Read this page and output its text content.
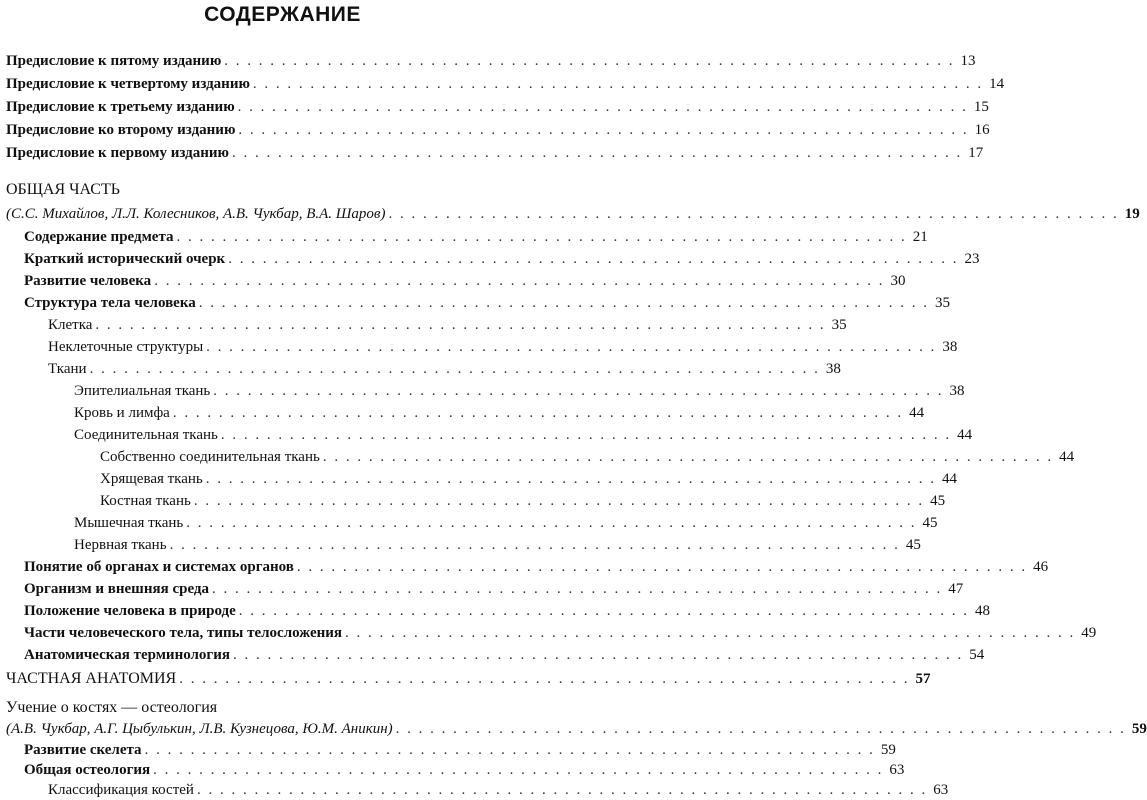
СОДЕРЖАНИЕ
Предисловие к пятому изданию . . . . . . . . . . . . . . . . . . . . . . . . . . . . . . . . . . . . . . . . . . . . . . . . . . . . . . . . . . . . . . . . 13
Предисловие к четвертому изданию . . . . . . . . . . . . . . . . . . . . . . . . . . . . . . . . . . . . . . . . . . . . . . . . . . . . . . . . . . . . . . . . 14
Предисловие к третьему изданию . . . . . . . . . . . . . . . . . . . . . . . . . . . . . . . . . . . . . . . . . . . . . . . . . . . . . . . . . . . . . . . . 15
Предисловие ко второму изданию . . . . . . . . . . . . . . . . . . . . . . . . . . . . . . . . . . . . . . . . . . . . . . . . . . . . . . . . . . . . . . . . 16
Предисловие к первому изданию . . . . . . . . . . . . . . . . . . . . . . . . . . . . . . . . . . . . . . . . . . . . . . . . . . . . . . . . . . . . . . . . 17
ОБЩАЯ ЧАСТЬ
(С.С. Михайлов, Л.Л. Колесников, А.В. Чукбар, В.А. Шаров) . . . . . . . . . . . . . . . . . . . . . . . . . . . . . . . . . . . . . . . . . . . . . . . . . . . . . . . . . . . . . . . . 19
Содержание предмета . . . . . . . . . . . . . . . . . . . . . . . . . . . . . . . . . . . . . . . . . . . . . . . . . . . . . . . . . . . . . . . . 21
Краткий исторический очерк . . . . . . . . . . . . . . . . . . . . . . . . . . . . . . . . . . . . . . . . . . . . . . . . . . . . . . . . . . . . . . . . 23
Развитие человека . . . . . . . . . . . . . . . . . . . . . . . . . . . . . . . . . . . . . . . . . . . . . . . . . . . . . . . . . . . . . . . . 30
Структура тела человека . . . . . . . . . . . . . . . . . . . . . . . . . . . . . . . . . . . . . . . . . . . . . . . . . . . . . . . . . . . . . . . . 35
Клетка . . . . . . . . . . . . . . . . . . . . . . . . . . . . . . . . . . . . . . . . . . . . . . . . . . . . . . . . . . . . . . . . 35
Неклеточные структуры . . . . . . . . . . . . . . . . . . . . . . . . . . . . . . . . . . . . . . . . . . . . . . . . . . . . . . . . . . . . . . . . 38
Ткани . . . . . . . . . . . . . . . . . . . . . . . . . . . . . . . . . . . . . . . . . . . . . . . . . . . . . . . . . . . . . . . . 38
Эпителиальная ткань . . . . . . . . . . . . . . . . . . . . . . . . . . . . . . . . . . . . . . . . . . . . . . . . . . . . . . . . . . . . . . . . 38
Кровь и лимфа . . . . . . . . . . . . . . . . . . . . . . . . . . . . . . . . . . . . . . . . . . . . . . . . . . . . . . . . . . . . . . . . 44
Соединительная ткань . . . . . . . . . . . . . . . . . . . . . . . . . . . . . . . . . . . . . . . . . . . . . . . . . . . . . . . . . . . . . . . . 44
Собственно соединительная ткань . . . . . . . . . . . . . . . . . . . . . . . . . . . . . . . . . . . . . . . . . . . . . . . . . . . . . . . . . . . . . . . . 44
Хрящевая ткань . . . . . . . . . . . . . . . . . . . . . . . . . . . . . . . . . . . . . . . . . . . . . . . . . . . . . . . . . . . . . . . . 44
Костная ткань . . . . . . . . . . . . . . . . . . . . . . . . . . . . . . . . . . . . . . . . . . . . . . . . . . . . . . . . . . . . . . . . 45
Мышечная ткань . . . . . . . . . . . . . . . . . . . . . . . . . . . . . . . . . . . . . . . . . . . . . . . . . . . . . . . . . . . . . . . . 45
Нервная ткань . . . . . . . . . . . . . . . . . . . . . . . . . . . . . . . . . . . . . . . . . . . . . . . . . . . . . . . . . . . . . . . . 45
Понятие об органах и системах органов . . . . . . . . . . . . . . . . . . . . . . . . . . . . . . . . . . . . . . . . . . . . . . . . . . . . . . . . . . . . . . . . 46
Организм и внешняя среда . . . . . . . . . . . . . . . . . . . . . . . . . . . . . . . . . . . . . . . . . . . . . . . . . . . . . . . . . . . . . . . . 47
Положение человека в природе . . . . . . . . . . . . . . . . . . . . . . . . . . . . . . . . . . . . . . . . . . . . . . . . . . . . . . . . . . . . . . . . 48
Части человеческого тела, типы телосложения . . . . . . . . . . . . . . . . . . . . . . . . . . . . . . . . . . . . . . . . . . . . . . . . . . . . . . . . . . . . . . . . 49
Анатомическая терминология . . . . . . . . . . . . . . . . . . . . . . . . . . . . . . . . . . . . . . . . . . . . . . . . . . . . . . . . . . . . . . . . 54
ЧАСТНАЯ АНАТОМИЯ . . . . . . . . . . . . . . . . . . . . . . . . . . . . . . . . . . . . . . . . . . . . . . . . . . . . . . . . . . . . . . . . 57
Учение о костях — остеология
(А.В. Чукбар, А.Г. Цыбулькин, Л.В. Кузнецова, Ю.М. Аникин) . . . . . . . . . . . . . . . . . . . . . . . . . . . . . . . . . . . . . . . . . . . . . . . . . . . . . . . . . . . . . . . . 59
Развитие скелета . . . . . . . . . . . . . . . . . . . . . . . . . . . . . . . . . . . . . . . . . . . . . . . . . . . . . . . . . . . . . . . . 59
Общая остеология . . . . . . . . . . . . . . . . . . . . . . . . . . . . . . . . . . . . . . . . . . . . . . . . . . . . . . . . . . . . . . . . 63
Классификация костей . . . . . . . . . . . . . . . . . . . . . . . . . . . . . . . . . . . . . . . . . . . . . . . . . . . . . . . . . . . . . . . . 63
